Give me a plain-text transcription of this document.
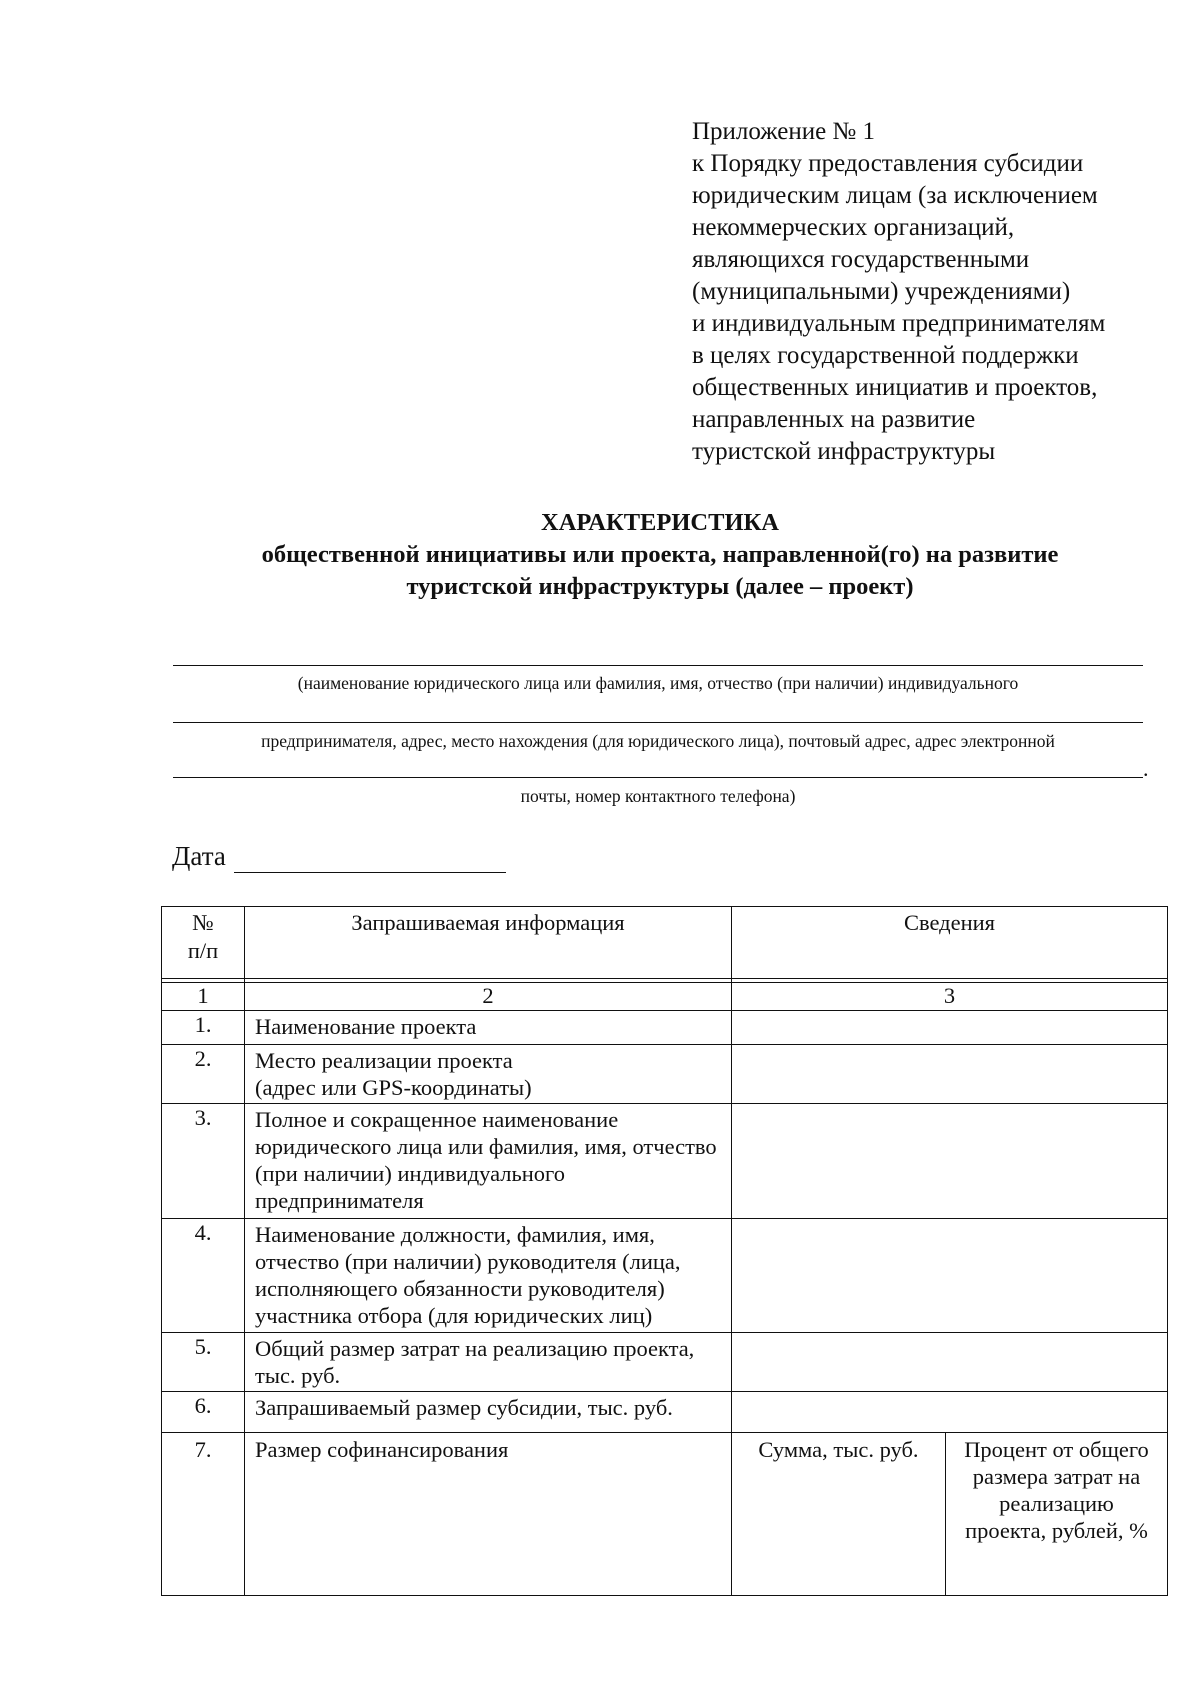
Приложение № 1
к Порядку предоставления субсидии
юридическим лицам (за исключением
некоммерческих организаций,
являющихся государственными
(муниципальными) учреждениями)
и индивидуальным предпринимателям
в целях государственной поддержки
общественных инициатив и проектов,
направленных на развитие
туристской инфраструктуры
ХАРАКТЕРИСТИКА
общественной инициативы или проекта, направленной(го) на развитие
туристской инфраструктуры (далее – проект)
(наименование юридического лица или фамилия, имя, отчество (при наличии) индивидуального
предпринимателя, адрес, место нахождения (для юридического лица), почтовый адрес, адрес электронной
.
почты, номер контактного телефона)
Дата
№ п/п	Запрашиваемая информация	Сведения	

1	2	3	
1.	Наименование проекта		
2.	Место реализации проекта
(адрес или GPS-координаты)		
3.	Полное и сокращенное наименование юридического лица или фамилия, имя, отчество (при наличии) индивидуального предпринимателя		
4.	Наименование должности, фамилия, имя, отчество (при наличии) руководителя (лица, исполняющего обязанности руководителя) участника отбора (для юридических лиц)		
5.	Общий размер затрат на реализацию проекта, тыс. руб.		
6.	Запрашиваемый размер субсидии, тыс. руб.		
7.	Размер софинансирования	Сумма, тыс. руб.	Процент от общего размера затрат на реализацию проекта, рублей, %
